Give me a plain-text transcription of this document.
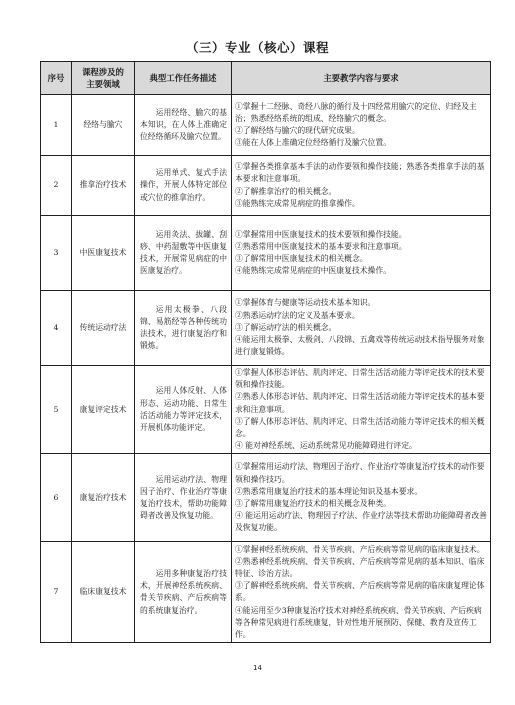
（三）专业（核心）课程
序号	课程涉及的主要领域	典型工作任务描述	主要教学内容与要求
1	经络与腧穴	运用经络、腧穴的基本知识，在人体上准确定位经络循环及腧穴位置。	①掌握十二经脉、奇经八脉的循行及十四经常用腧穴的定位、归经及主治；熟悉经络系统的组成、经络腧穴的概念。
②了解经络与腧穴的现代研究成果。
③能在人体上准确定位经络循行及腧穴位置。

2	推拿治疗技术	运用单式、复式手法操作，开展人体特定部位或穴位的推拿治疗。	①掌握各类推拿基本手法的动作要领和操作技能；熟悉各类推拿手法的基本要求和注意事项。
②了解推拿治疗的相关概念。
③能熟练完成常见病症的推拿操作。

3	中医康复技术	运用灸法、拔罐、刮痧、中药湿敷等中医康复技术，开展常见病症的中医康复治疗。	①掌握常用中医康复技术的技术要领和操作技能。
②熟悉常用中医康复技术的基本要求和注意事项。
③了解常用中医康复技术的相关概念。
④能熟练完成常见病症的中医康复技术操作。

4	传统运动疗法	运用太极拳、八段锦、易筋经等各种传统功法技术，进行康复治疗和锻炼。	①掌握体育与健康等运动技术基本知识。
②熟悉运动疗法的定义及基本要求。
③了解运动疗法的相关概念。
④能运用太极拳、太极剑、八段锦、五禽戏等传统运动技术指导服务对象进行康复锻炼。

5	康复评定技术	运用人体反射、人体形态、运动功能、日常生活活动能力等评定技术，开展机体功能评定。	①掌握人体形态评估、肌肉评定、日常生活活动能力等评定技术的技术要领和操作技能。
②熟悉人体形态评估、肌肉评定、日常生活活动能力等评定技术的基本要求和注意事项。
③了解人体形态评估、肌肉评定、日常生活活动能力等评定技术的相关概念。
④ 能对神经系统、运动系统常见功能障碍进行评定。

6	康复治疗技术	运用运动疗法、物理因子治疗、作业治疗等康复治疗技术，帮助功能障碍者改善及恢复功能。	①掌握常用运动疗法、物理因子治疗、作业治疗等康复治疗技术的动作要领和操作技巧。
②熟悉常用康复治疗技术的基本理论知识及基本要求。
③了解常用康复治疗技术的相关概念及种类。
④ 能运用运动疗法、物理因子疗法、作业疗法等技术帮助功能障碍者改善及恢复功能。

7	临床康复技术	运用多种康复治疗技术，开展神经系统疾病、骨关节疾病、产后疾病等的系统康复治疗。	①掌握神经系统疾病、骨关节疾病、产后疾病等常见病的临床康复技术。
②熟悉神经系统疾病、骨关节疾病、产后疾病等常见病的基本知识、临床特征、诊治方法。
③了解神经系统疾病、骨关节疾病、产后疾病等常见病的临床康复理论体系。
④能运用至少3种康复治疗技术对神经系统疾病、骨关节疾病、产后疾病等各种常见病进行系统康复，针对性地开展预防、保健、教育及宣传工作。
14
